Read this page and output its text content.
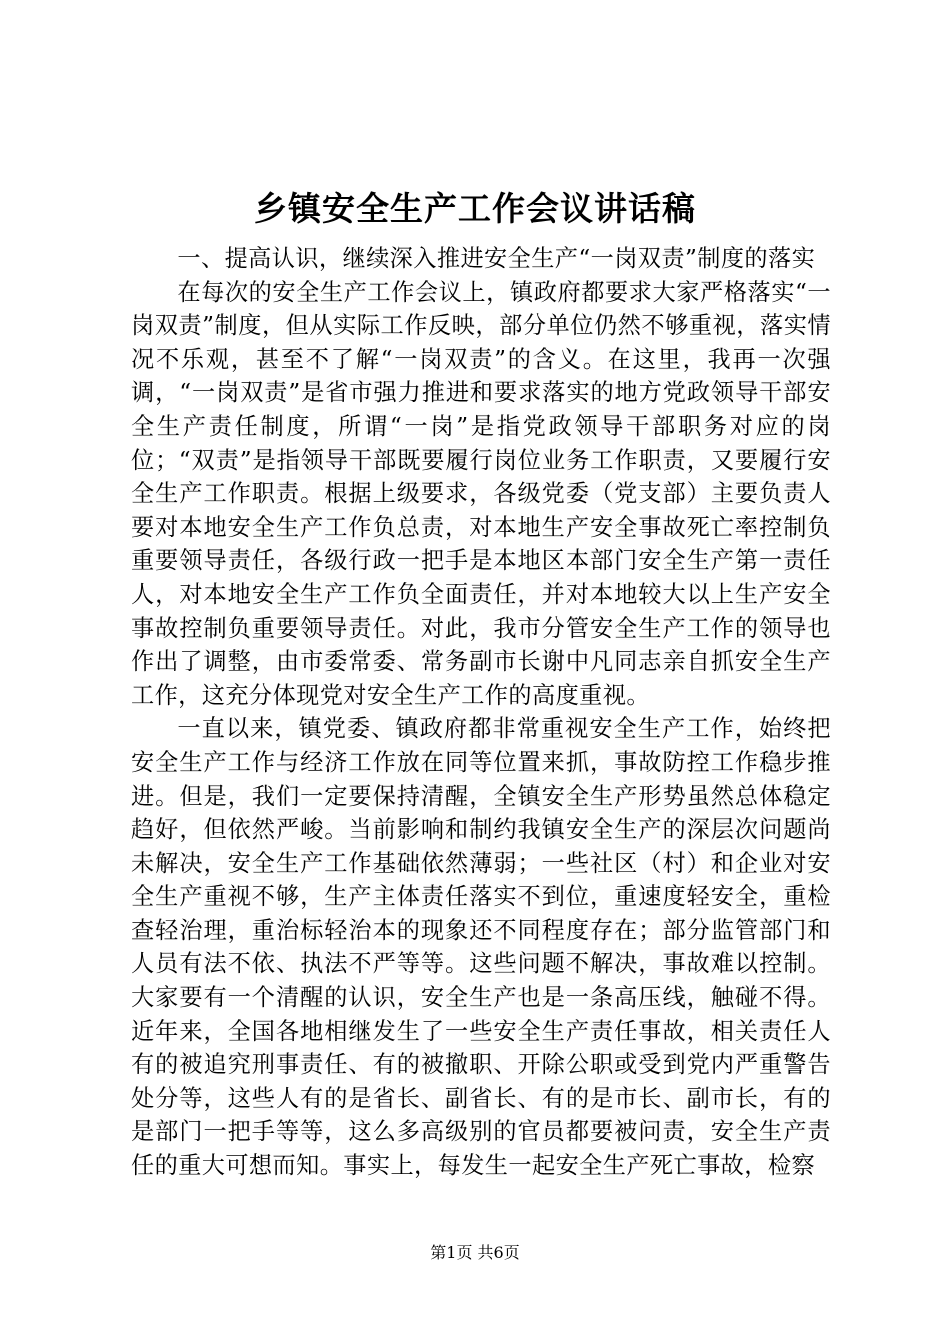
乡镇安全生产工作会议讲话稿

一、提高认识，继续深入推进安全生产“一岗双责”制度的落实

在每次的安全生产工作会议上，镇政府都要求大家严格落实“一岗双责”制度，但从实际工作反映，部分单位仍然不够重视，落实情况不乐观，甚至不了解“一岗双责”的含义。在这里，我再一次强调，“一岗双责”是省市强力推进和要求落实的地方党政领导干部安全生产责任制度，所谓“一岗”是指党政领导干部职务对应的岗位；“双责”是指领导干部既要履行岗位业务工作职责，又要履行安全生产工作职责。根据上级要求，各级党委（党支部）主要负责人要对本地安全生产工作负总责，对本地生产安全事故死亡率控制负重要领导责任，各级行政一把手是本地区本部门安全生产第一责任人，对本地安全生产工作负全面责任，并对本地较大以上生产安全事故控制负重要领导责任。对此，我市分管安全生产工作的领导也作出了调整，由市委常委、常务副市长谢中凡同志亲自抓安全生产工作，这充分体现党对安全生产工作的高度重视。

一直以来，镇党委、镇政府都非常重视安全生产工作，始终把安全生产工作与经济工作放在同等位置来抓，事故防控工作稳步推进。但是，我们一定要保持清醒，全镇安全生产形势虽然总体稳定趋好，但依然严峻。当前影响和制约我镇安全生产的深层次问题尚未解决，安全生产工作基础依然薄弱；一些社区（村）和企业对安全生产重视不够，生产主体责任落实不到位，重速度轻安全，重检查轻治理，重治标轻治本的现象还不同程度存在；部分监管部门和人员有法不依、执法不严等等。这些问题不解决，事故难以控制。大家要有一个清醒的认识，安全生产也是一条高压线，触碰不得。近年来，全国各地相继发生了一些安全生产责任事故，相关责任人有的被追究刑事责任、有的被撤职、开除公职或受到党内严重警告处分等，这些人有的是省长、副省长、有的是市长、副市长，有的是部门一把手等等，这么多高级别的官员都要被问责，安全生产责任的重大可想而知。事实上，每发生一起安全生产死亡事故，检察

第1页 共6页
